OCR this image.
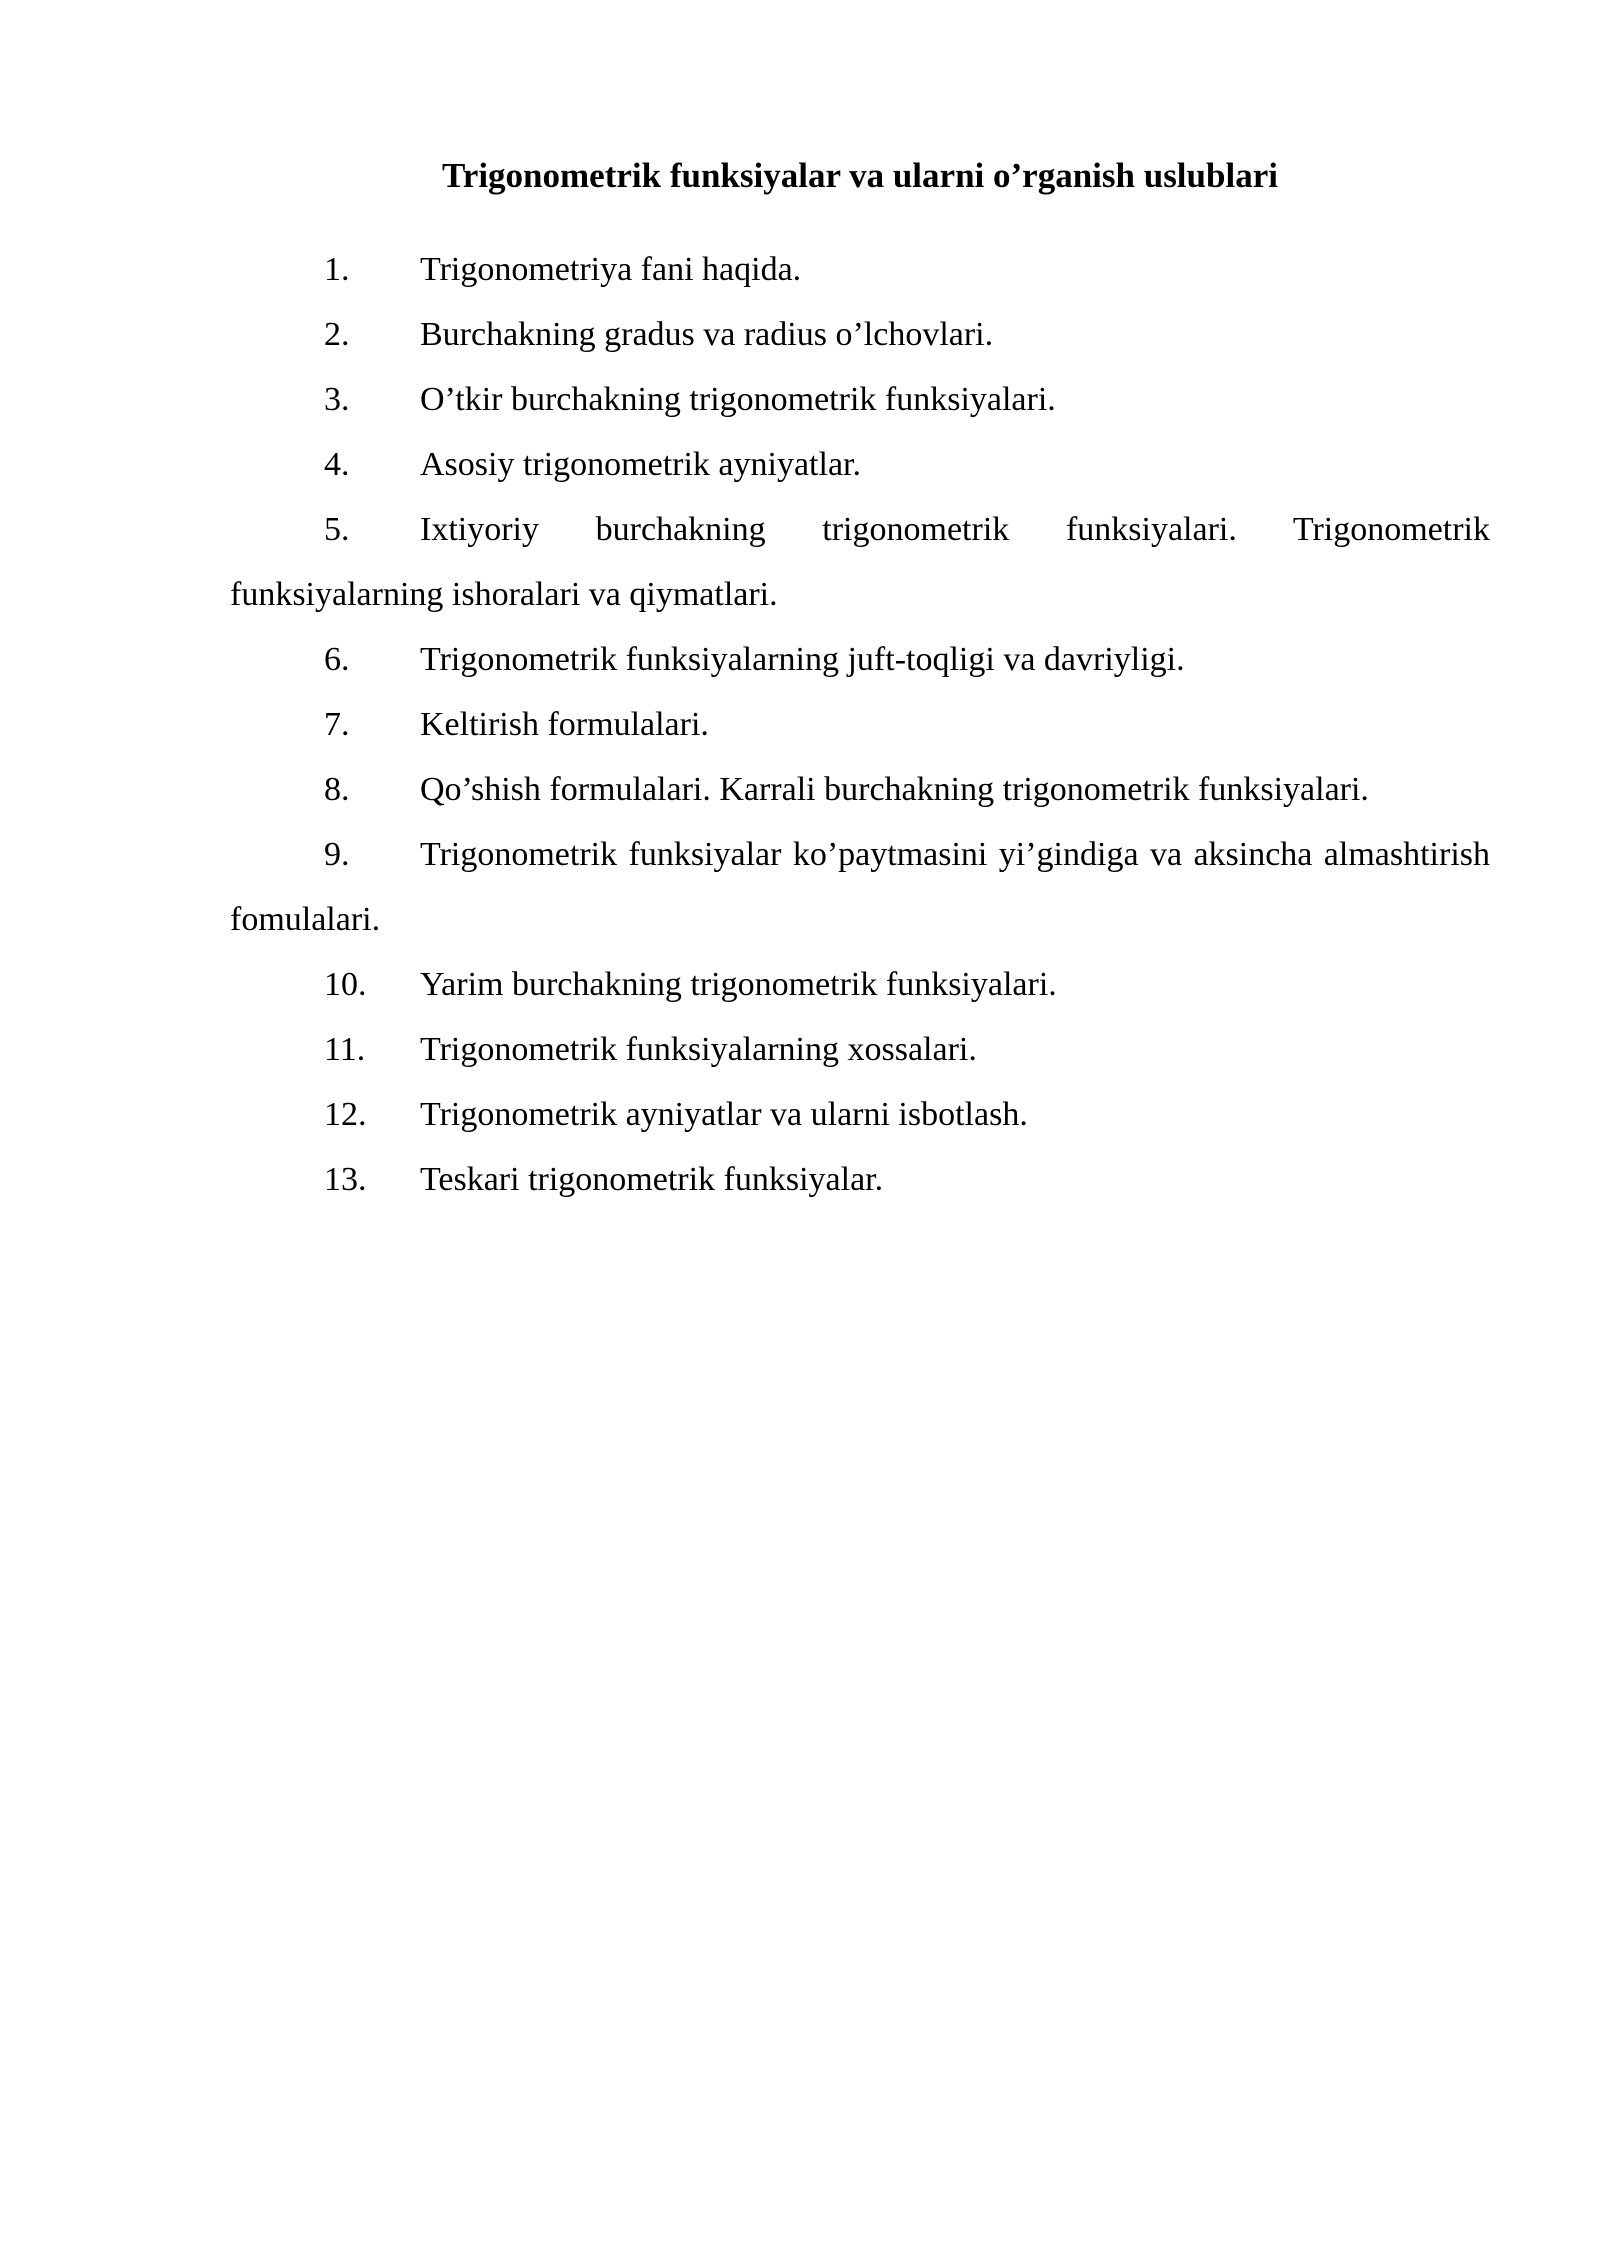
Trigonometrik funksiyalar va ularni o’rganish uslublari
1. Trigonometriya fani haqida.
2. Burchakning gradus va radius o’lchovlari.
3. O’tkir burchakning trigonometrik funksiyalari.
4. Asosiy trigonometrik ayniyatlar.
5. Ixtiyoriy burchakning trigonometrik funksiyalari. Trigonometrik funksiyalarning ishoralari va qiymatlari.
6. Trigonometrik funksiyalarning juft-toqligi va davriyligi.
7. Keltirish formulalari.
8. Qo’shish formulalari. Karrali burchakning trigonometrik funksiyalari.
9. Trigonometrik funksiyalar ko’paytmasini yi’gindiga va aksincha almashtirish fomulalari.
10. Yarim burchakning trigonometrik funksiyalari.
11. Trigonometrik funksiyalarning xossalari.
12. Trigonometrik ayniyatlar va ularni isbotlash.
13. Teskari trigonometrik funksiyalar.
